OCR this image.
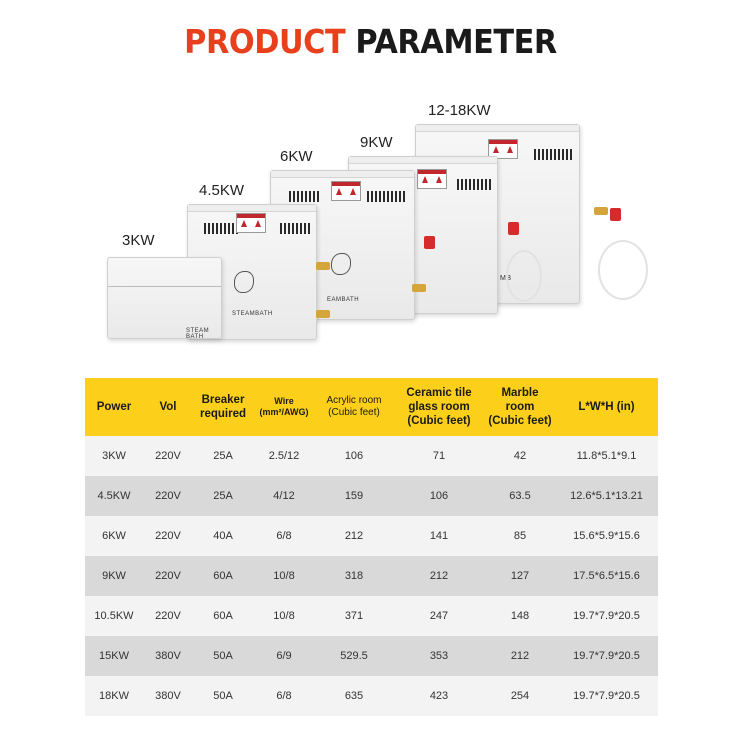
PRODUCT PARAMETER
12-18KW
MB
9KW
6KW
EAMBATH
4.5KW
STEAMBATH
3KW
STEAM BATH
Power	Vol	Breaker required	Wire (mm²/AWG)	Acrylic room (Cubic feet)	Ceramic tile glass room (Cubic feet)	Marble room (Cubic feet)	L*W*H (in)
3KW	220V	25A	2.5/12	106	71	42	11.8*5.1*9.1
4.5KW	220V	25A	4/12	159	106	63.5	12.6*5.1*13.21
6KW	220V	40A	6/8	212	141	85	15.6*5.9*15.6
9KW	220V	60A	10/8	318	212	127	17.5*6.5*15.6
10.5KW	220V	60A	10/8	371	247	148	19.7*7.9*20.5
15KW	380V	50A	6/9	529.5	353	212	19.7*7.9*20.5
18KW	380V	50A	6/8	635	423	254	19.7*7.9*20.5
